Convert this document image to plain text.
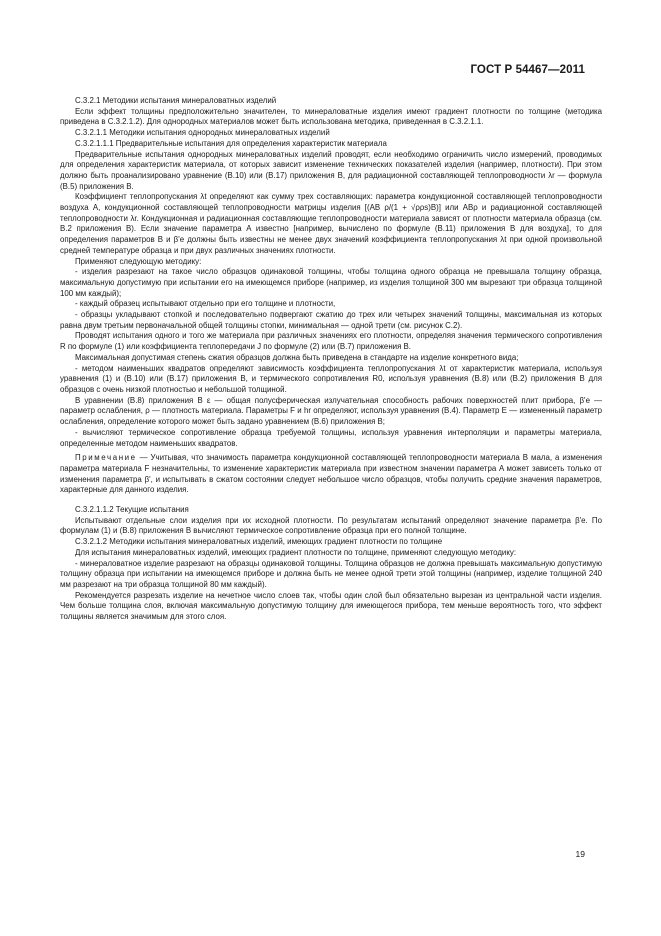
ГОСТ Р 54467—2011

С.3.2.1 Методики испытания минераловатных изделий

Если эффект толщины предположительно значителен, то минераловатные изделия имеют градиент плотности по толщине (методика приведена в С.3.2.1.2). Для однородных материалов может быть использована методика, приведенная в С.3.2.1.1.

С.3.2.1.1 Методики испытания однородных минераловатных изделий

С.3.2.1.1.1 Предварительные испытания для определения характеристик материала

Предварительные испытания однородных минераловатных изделий проводят, если необходимо ограничить число измерений, проводимых для определения характеристик материала, от которых зависит изменение технических показателей изделия (например, плотности). При этом должно быть проанализировано уравнение (В.10) или (В.17) приложения В, для радиационной составляющей теплопроводности λr — формула (В.5) приложения В.

Коэффициент теплопропускания λt определяют как сумму трех составляющих: параметра кондукционной составляющей теплопроводности воздуха A, кондукционной составляющей теплопроводности матрицы изделия [(AB ρ/(1 + √ρρs)B)] или ABρ и радиационной составляющей теплопроводности λr. Кондукционная и радиационная составляющие теплопроводности материала зависят от плотности материала образца (см. В.2 приложения В). Если значение параметра A известно [например, вычислено по формуле (В.11) приложения В для воздуха], то для определения параметров B и β'e должны быть известны не менее двух значений коэффициента теплопропускания λt при одной произвольной средней температуре образца и при двух различных значениях плотности.

Применяют следующую методику:

- изделия разрезают на такое число образцов одинаковой толщины, чтобы толщина одного образца не превышала толщину образца, максимальную допустимую при испытании его на имеющемся приборе (например, из изделия толщиной 300 мм вырезают три образца толщиной 100 мм каждый);

- каждый образец испытывают отдельно при его толщине и плотности,

- образцы укладывают стопкой и последовательно подвергают сжатию до трех или четырех значений толщины, максимальная из которых равна двум третьим первоначальной общей толщины стопки, минимальная — одной трети (см. рисунок С.2).

Проводят испытания одного и того же материала при различных значениях его плотности, определяя значения термического сопротивления R по формуле (1) или коэффициента теплопередачи J по формуле (2) или (В.7) приложения В.

Максимальная допустимая степень сжатия образцов должна быть приведена в стандарте на изделие конкретного вида;

- методом наименьших квадратов определяют зависимость коэффициента теплопропускания λt от характеристик материала, используя уравнения (1) и (В.10) или (В.17) приложения В, и термического сопротивления R0, используя уравнения (В.8) или (В.2) приложения В для образцов с очень низкой плотностью и небольшой толщиной.

В уравнении (В.8) приложения В ε — общая полусферическая излучательная способность рабочих поверхностей плит прибора, β'e — параметр ослабления, ρ — плотность материала. Параметры F и hr определяют, используя уравнения (В.4). Параметр E — измененный параметр ослабления, определение которого может быть задано уравнением (В.6) приложения В;

- вычисляют термическое сопротивление образца требуемой толщины, используя уравнения интерполяции и параметры материала, определенные методом наименьших квадратов.

Примечание — Учитывая, что значимость параметра кондукционной составляющей теплопроводности материала B мала, а изменения параметра материала F незначительны, то изменение характеристик материала при известном значении параметра A может зависеть только от изменения параметра β', и испытывать в сжатом состоянии следует небольшое число образцов, чтобы получить средние значения параметров, характерные для данного изделия.

С.3.2.1.1.2 Текущие испытания

Испытывают отдельные слои изделия при их исходной плотности. По результатам испытаний определяют значение параметра β'e. По формулам (1) и (В.8) приложения В вычисляют термическое сопротивление образца при его полной толщине.

С.3.2.1.2 Методики испытания минераловатных изделий, имеющих градиент плотности по толщине

Для испытания минераловатных изделий, имеющих градиент плотности по толщине, применяют следующую методику:

- минераловатное изделие разрезают на образцы одинаковой толщины. Толщина образцов не должна превышать максимальную допустимую толщину образца при испытании на имеющемся приборе и должна быть не менее одной трети этой толщины (например, изделие толщиной 240 мм разрезают на три образца толщиной 80 мм каждый).

Рекомендуется разрезать изделие на нечетное число слоев так, чтобы один слой был обязательно вырезан из центральной части изделия. Чем больше толщина слоя, включая максимальную допустимую толщину для имеющегося прибора, тем меньше вероятность того, что эффект толщины является значимым для этого слоя.

19
